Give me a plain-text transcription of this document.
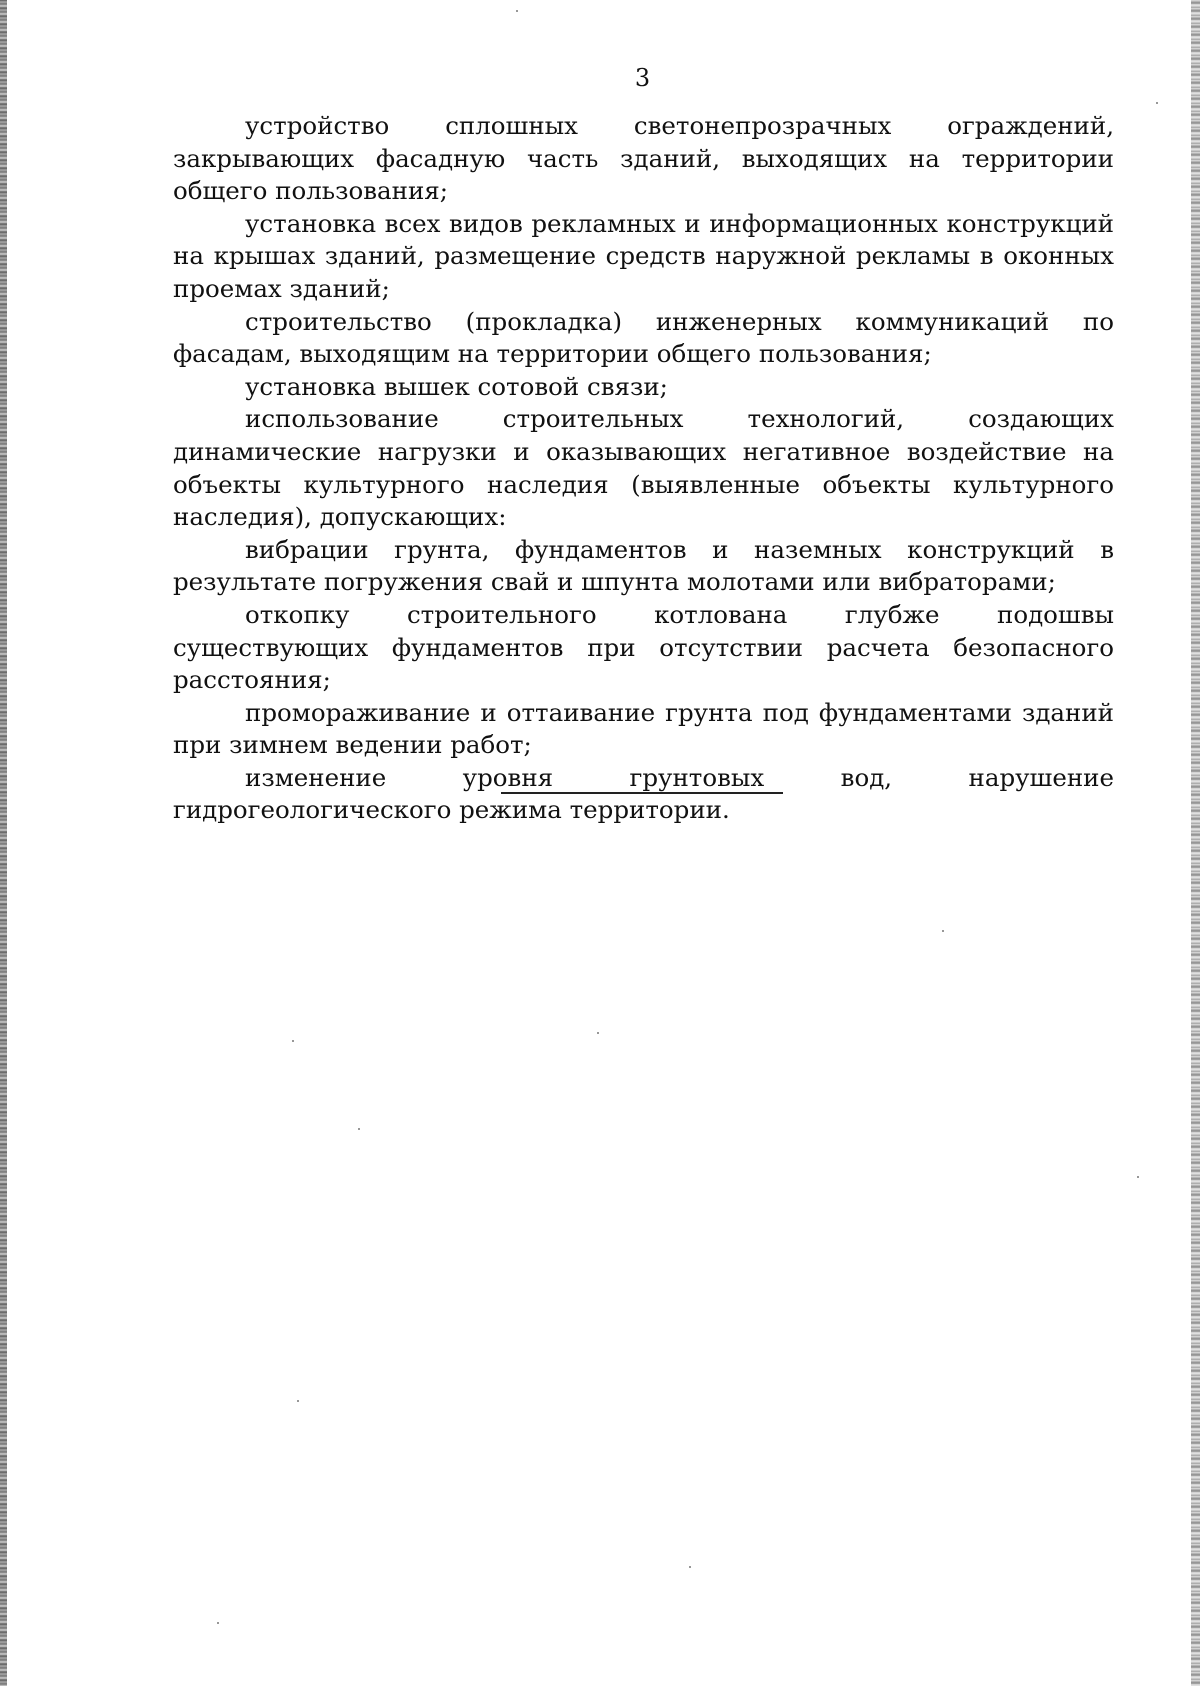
3

устройство сплошных светонепрозрачных ограждений, закрывающих фасадную часть зданий, выходящих на территории общего пользования;

установка всех видов рекламных и информационных конструкций на крышах зданий, размещение средств наружной рекламы в оконных проемах зданий;

строительство (прокладка) инженерных коммуникаций по фасадам, выходящим на территории общего пользования;

установка вышек сотовой связи;

использование строительных технологий, создающих динамические нагрузки и оказывающих негативное воздействие на объекты культурного наследия (выявленные объекты культурного наследия), допускающих:

вибрации грунта, фундаментов и наземных конструкций в результате погружения свай и шпунта молотами или вибраторами;

откопку строительного котлована глубже подошвы существующих фундаментов при отсутствии расчета безопасного расстояния;

промораживание и оттаивание грунта под фундаментами зданий при зимнем ведении работ;

изменение уровня грунтовых вод, нарушение гидрогеологического режима территории.
